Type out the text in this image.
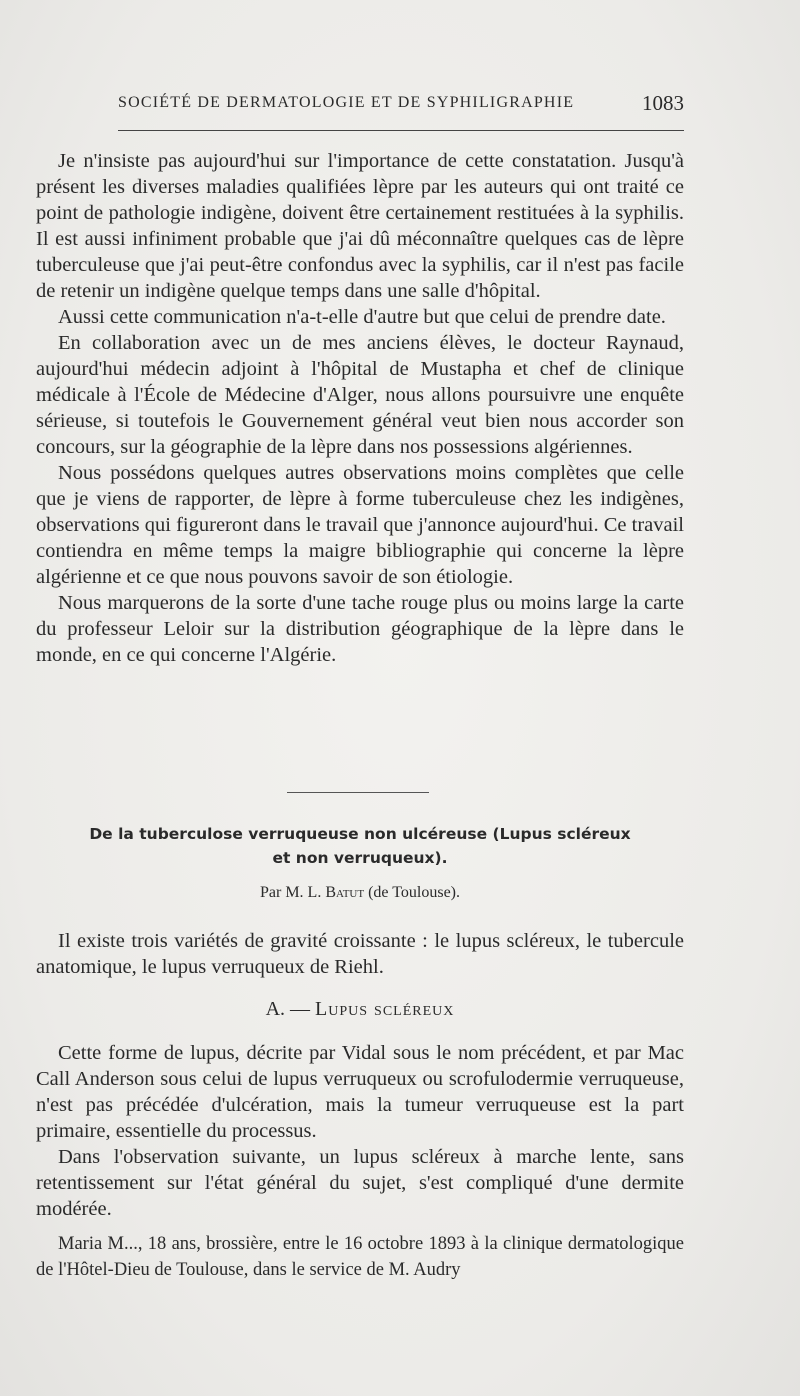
SOCIÉTÉ DE DERMATOLOGIE ET DE SYPHILIGRAPHIE	1083

Je n'insiste pas aujourd'hui sur l'importance de cette constatation. Jusqu'à présent les diverses maladies qualifiées lèpre par les auteurs qui ont traité ce point de pathologie indigène, doivent être certainement restituées à la syphilis. Il est aussi infiniment probable que j'ai dû méconnaître quelques cas de lèpre tuberculeuse que j'ai peut-être confondus avec la syphilis, car il n'est pas facile de retenir un indigène quelque temps dans une salle d'hôpital.

Aussi cette communication n'a-t-elle d'autre but que celui de prendre date.

En collaboration avec un de mes anciens élèves, le docteur Raynaud, aujourd'hui médecin adjoint à l'hôpital de Mustapha et chef de clinique médicale à l'École de Médecine d'Alger, nous allons poursuivre une enquête sérieuse, si toutefois le Gouvernement général veut bien nous accorder son concours, sur la géographie de la lèpre dans nos possessions algériennes.

Nous possédons quelques autres observations moins complètes que celle que je viens de rapporter, de lèpre à forme tuberculeuse chez les indigènes, observations qui figureront dans le travail que j'annonce aujourd'hui. Ce travail contiendra en même temps la maigre bibliographie qui concerne la lèpre algérienne et ce que nous pouvons savoir de son étiologie.

Nous marquerons de la sorte d'une tache rouge plus ou moins large la carte du professeur Leloir sur la distribution géographique de la lèpre dans le monde, en ce qui concerne l'Algérie.

De la tuberculose verruqueuse non ulcéreuse (Lupus scléreux
et non verruqueux).
Par M. L. Batut (de Toulouse).

Il existe trois variétés de gravité croissante : le lupus scléreux, le tubercule anatomique, le lupus verruqueux de Riehl.

A. — Lupus scléreux

Cette forme de lupus, décrite par Vidal sous le nom précédent, et par Mac Call Anderson sous celui de lupus verruqueux ou scrofulodermie verruqueuse, n'est pas précédée d'ulcération, mais la tumeur verruqueuse est la part primaire, essentielle du processus.

Dans l'observation suivante, un lupus scléreux à marche lente, sans retentissement sur l'état général du sujet, s'est compliqué d'une dermite modérée.

Maria M..., 18 ans, brossière, entre le 16 octobre 1893 à la clinique dermatologique de l'Hôtel-Dieu de Toulouse, dans le service de M. Audry
